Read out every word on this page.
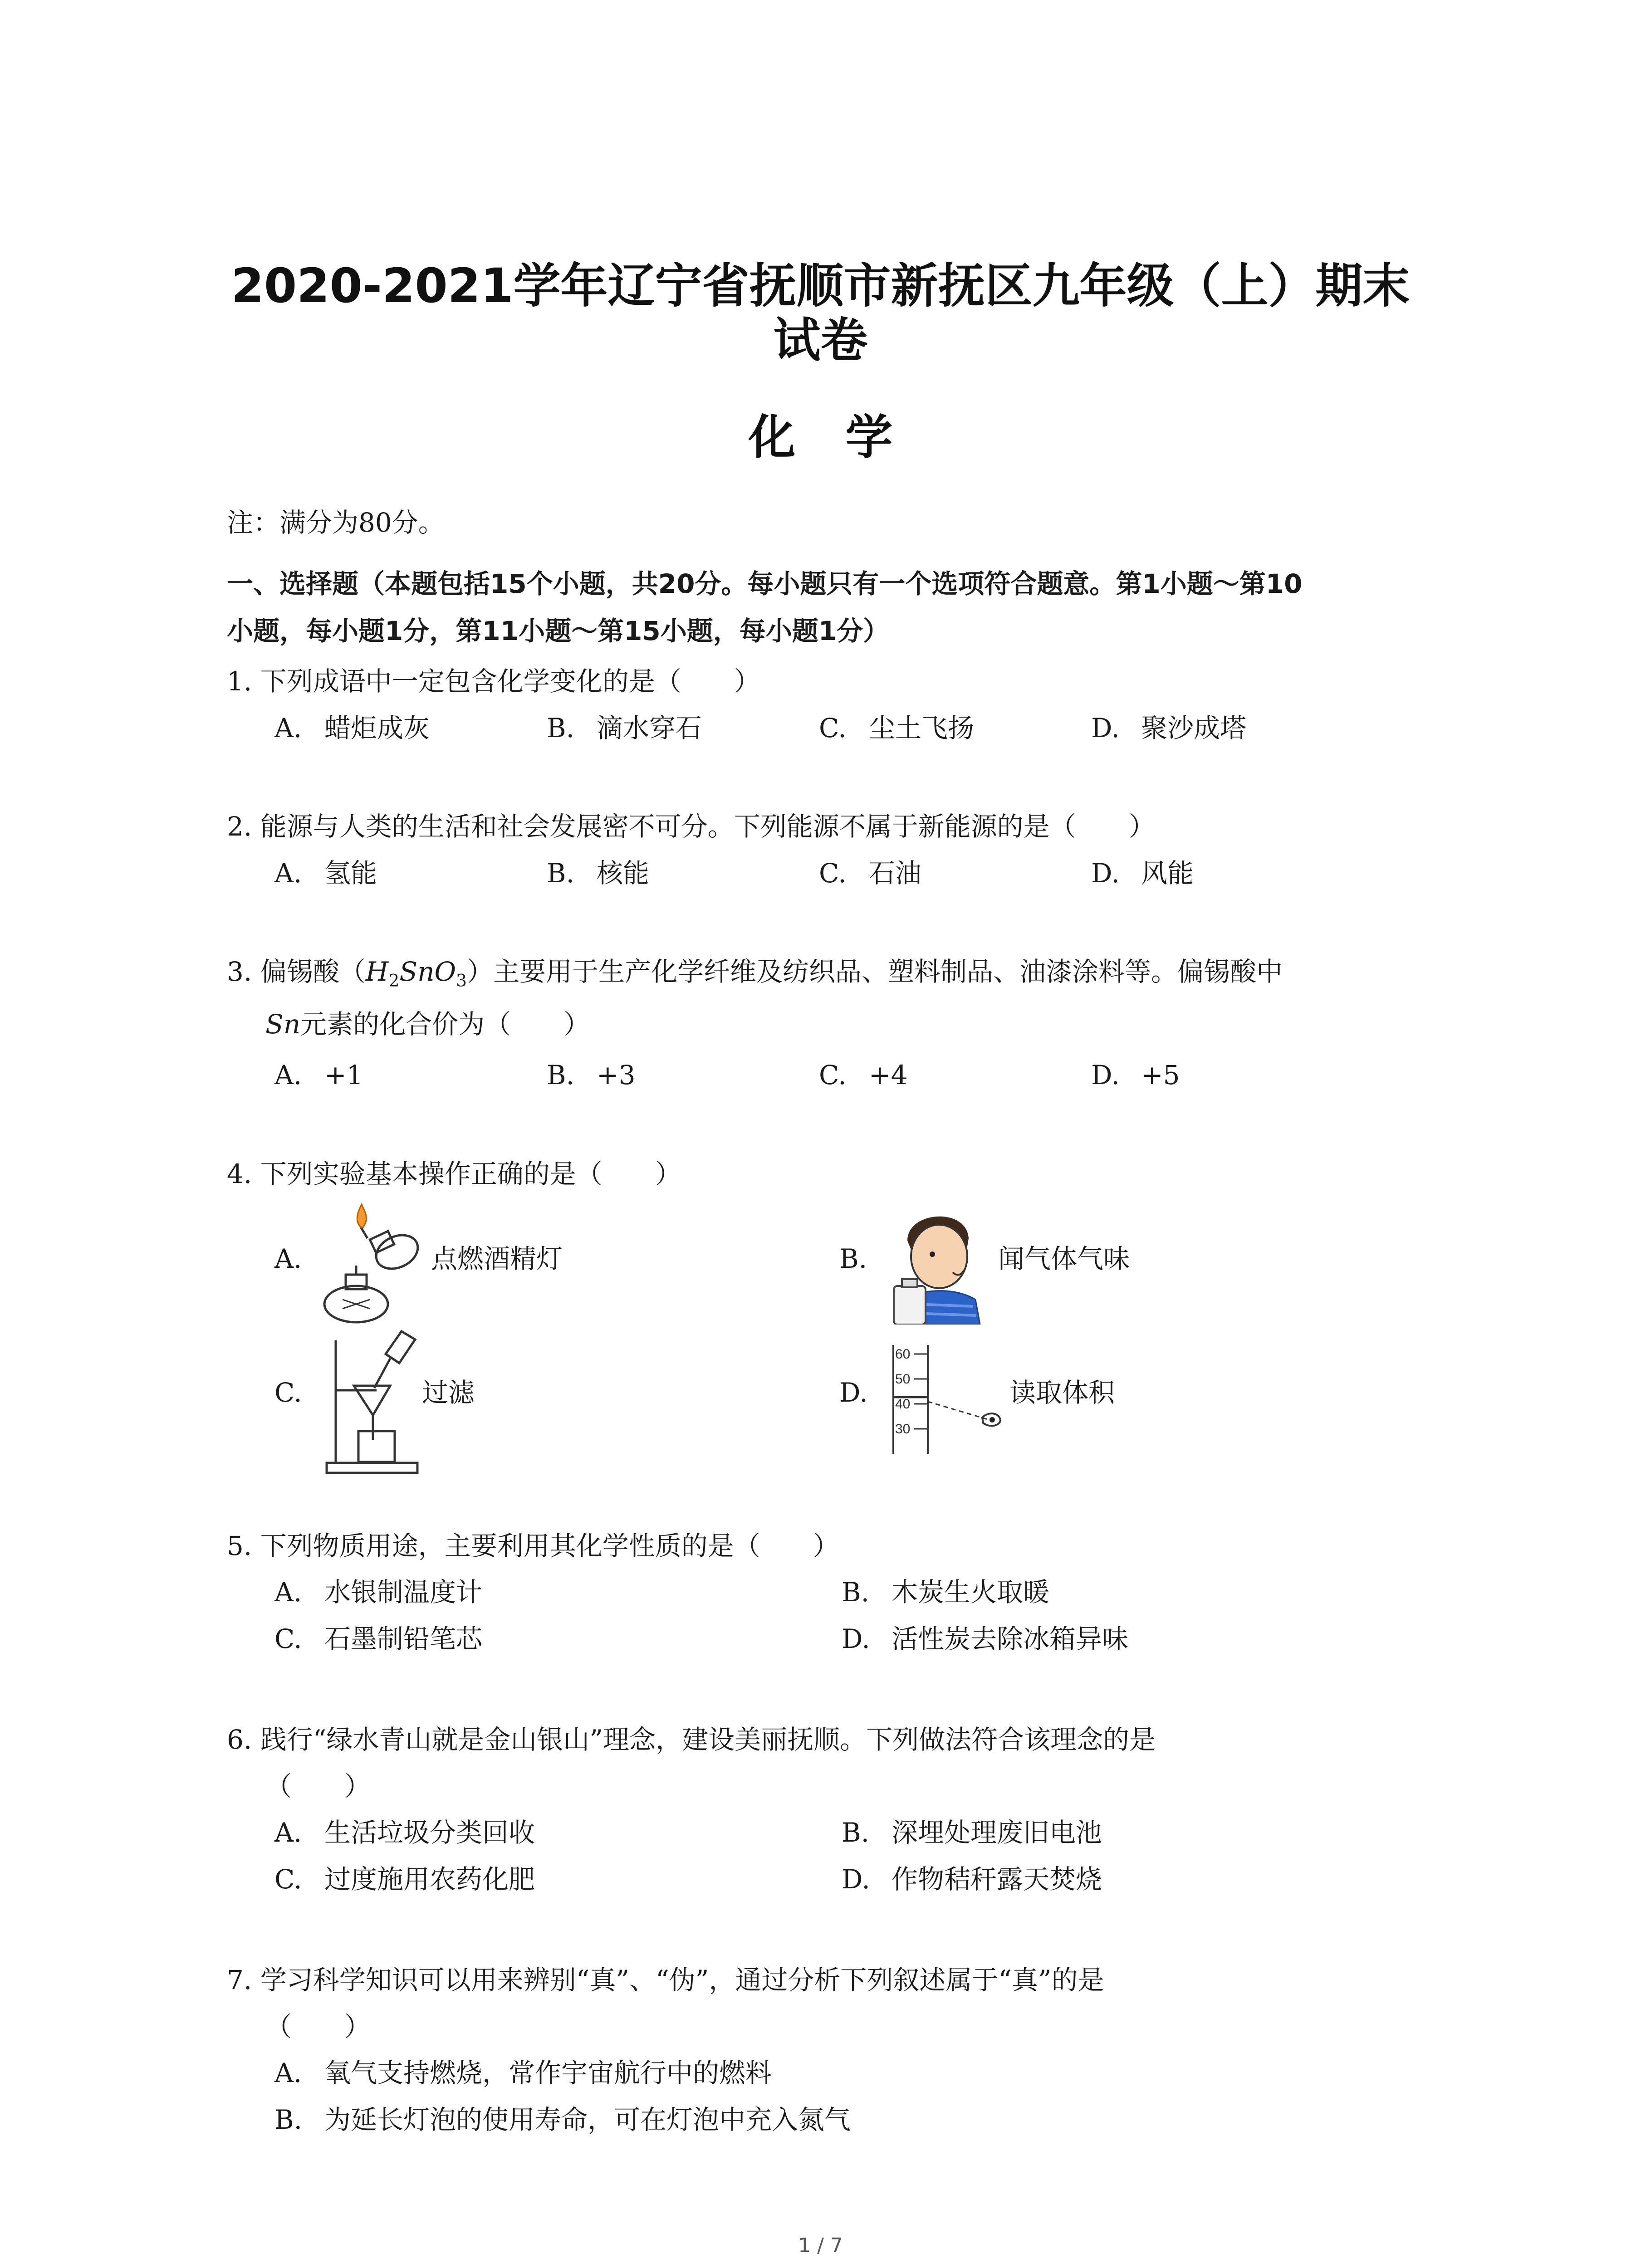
2020-2021学年辽宁省抚顺市新抚区九年级（上）期末
试卷
化学
注：满分为80分。
一、选择题（本题包括15个小题，共20分。每小题只有一个选项符合题意。第1小题～第10
小题，每小题1分，第11小题～第15小题，每小题1分）
1. 下列成语中一定包含化学变化的是（　　）
A. 蜡炬成灰	B. 滴水穿石	C. 尘土飞扬	D. 聚沙成塔
2. 能源与人类的生活和社会发展密不可分。下列能源不属于新能源的是（　　）
A. 氢能	B. 核能	C. 石油	D. 风能
3. 偏锡酸$(H_2SnO_3)$主要用于生产化学纤维及纺织品、塑料制品、油漆涂料等。偏锡酸中
Sn元素的化合价为（　　）
A. +1	B. +3	C. +4	D. +5
4. 下列实验基本操作正确的是（　　）
A.	点燃酒精灯	B.	闻气体气味
C.	过滤	D.
60
50
40
30
读取体积
5. 下列物质用途，主要利用其化学性质的是（　　）
A. 水银制温度计	B. 木炭生火取暖
C. 石墨制铅笔芯	D. 活性炭去除冰箱异味
6. 践行“绿水青山就是金山银山”理念，建设美丽抚顺。下列做法符合该理念的是
（　　）
A. 生活垃圾分类回收	B. 深埋处理废旧电池
C. 过度施用农药化肥	D. 作物秸秆露天焚烧
7. 学习科学知识可以用来辨别“真”、“伪”，通过分析下列叙述属于“真”的是
（　　）
A. 氧气支持燃烧，常作宇宙航行中的燃料
B. 为延长灯泡的使用寿命，可在灯泡中充入氮气
1 / 7
